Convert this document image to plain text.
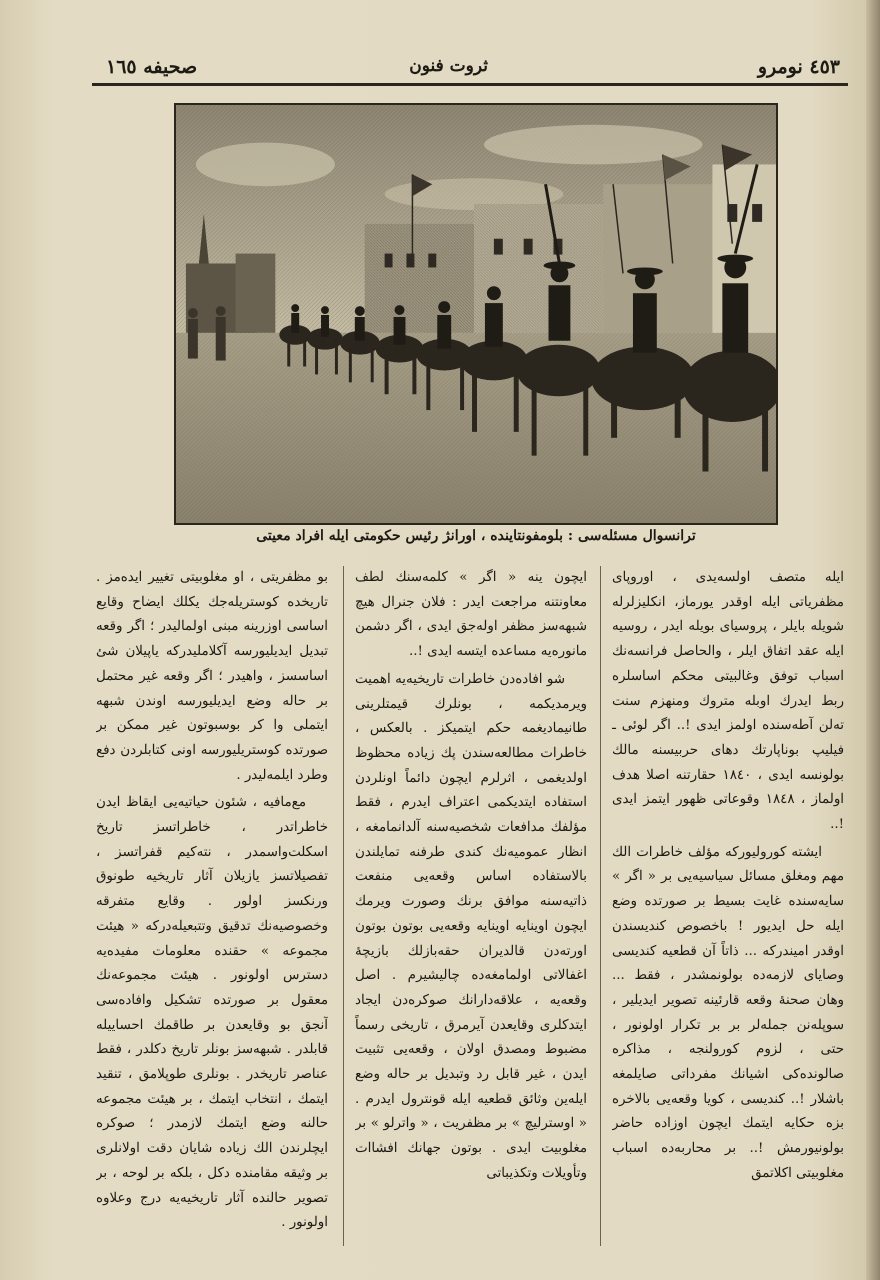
٤٥٣ نومرو
ثروت فنون
صحیفه ١٦٥
ترانسوال مسئله‌سی : بلومفونتاینده ، اورانژ رئیس حکومتی ایله افراد معیتی

ایله متصف اولسه‌یدی ، اوروپای مظفریاتی ایله اوقدر یورماز، انکلیزلرله شویله بایلر ، پروسیای بویله ایدر ، روسیه ایله عقد اتفاق ایلر ، والحاصل فرانسه‌نك اسباب توفق وغالبیتی محکم اساسلره ربط ایدرك اوبله متروك ومنهزم سنت تەلن آطه‌سنده اولمز ایدی !.. اگر لوئی ـ فیلیپ بوناپارتك دهای حربیسنه مالك بولونسه ایدی ، ١٨٤٠ حقارتنه اصلا هدف اولماز ، ١٨٤٨ وقوعاتی ظهور ایتمز ایدی !..

ایشته کورولیورکه مؤلف خاطرات الك مهم ومغلق مسائل سیاسیه‌یی بر « اگر » سایه‌سنده غایت بسیط بر صورتده وضع ایله حل ایدیور ! باخصوص کندیسندن اوقدر امیندرکه ... ذاتاً آن قطعیه کندیسی وصایای لازمه‌ده بولونمشدر ، فقط ... وهان صحنهٔ وقعه قارئینه تصویر ایدیلیر ، سوپله‌نن جمله‌لر بر بر تکرار اولونور ، حتی ، لزوم کورولنجه ، مذاکره صالونده‌کی اشیانك مفرداتی صایلمغه باشلار !.. کندیسی ، کویا وقعه‌یی بالاخره بزه حکایه ایتمك ایچون اوزاده حاضر بولونیورمش !.. بر محاربه‌ده اسباب مغلوبیتی اکلاتمق

ایچون ینه « اگر » کلمه‌سنك لطف معاونتنه مراجعت ایدر : فلان جنرال هیچ شبهه‌سز مظفر اوله‌جق ایدی ، اگر دشمن مانوره‌یه مساعده ایتسه ایدی !..

شو افاده‌دن خاطرات تاریخیه‌یه اهمیت ویرمدیکمه ، بونلرك قیمتلرینی طانیمادیغمه حکم ایتمیکز . بالعکس ، خاطرات مطالعه‌سندن پك زیاده محظوظ اولدیغمی ، اثرلرم ایچون دائماً اونلردن استفاده ایتدیکمی اعتراف ایدرم ، فقط مؤلفك مدافعات شخصیه‌سنه آلدانمامغه ، انظار عمومیه‌نك کندی طرفنه تمایلندن بالاستفاده اساس وقعه‌یی منفعت ذاتیه‌سنه موافق برنك وصورت ویرمك ایچون اوینایه اوینایه وقعه‌یی بوتون بوتون اورته‌دن قالدیران حقه‌بازلك بازیچهٔ اغفالاتی اولمامغه‌ده چالیشیرم . اصل وقعه‌یه ، علاقه‌دارانك صوکره‌دن ایجاد ایتدکلری وقایعدن آیرمرق ، تاریخی رسماً مضبوط ومصدق اولان ، وقعه‌یی تثبیت ایدن ، غیر قابل رد وتبدیل بر حاله وضع ایله‌ین وثائق قطعیه ایله قونترول ایدرم . « اوسترلیچ » بر مظفریت ، « واترلو » بر مغلوبیت ایدی . بوتون جهانك افشاات وتأویلات وتکذیباتی

بو مظفریتی ، او مغلوبیتی تغییر ایده‌مز . تاریخده کوستریله‌جك یکلك ایضاح وقایع اساسی اوزرینه مبنی اولمالیدر ؛ اگر وقعه تبدیل ایدیلیورسه آکلاملیدرکه یاپیلان شئ اساسسز ، واهیدر ؛ اگر وقعه غیر محتمل بر حاله وضع ایدیلیورسه اوندن شبهه ایتملی وا کر بوسبوتون غیر ممکن بر صورتده کوستریلیورسه اونی کتابلردن دفع وطرد ایلمه‌لیدر .

مع‌مافیه ، شئون حیاتیه‌یی ایقاظ ایدن خاطراتدر ، خاطراتسز تاریخ اسکلت‌واسمدر ، نته‌کیم قفراتسز ، تفصیلاتسز یازیلان آثار تاریخیه طونوق ورنکسز اولور . وقایع متفرقه وخصوصیه‌نك تدقیق وتتبعیله‌درکه « هیئت مجموعه » حقنده معلومات مفیده‌یه دسترس اولونور . هیئت مجموعه‌نك معقول بر صورتده تشکیل وافاده‌سی آنجق بو وقایعدن بر طاقمك احساییله قابلدر . شبهه‌سز بونلر تاریخ دکلدر ، فقط عناصر تاریخدر . بونلری طوپلامق ، تنقید ایتمك ، انتخاب ایتمك ، بر هیئت مجموعه حالنه وضع ایتمك لازمدر ؛ صوکره ایچلرندن الك زیاده شایان دقت اولانلری بر وثیقه مقامنده دکل ، بلکه بر لوحه ، بر تصویر حالنده آثار تاریخیه‌یه درج وعلاوه اولونور .
